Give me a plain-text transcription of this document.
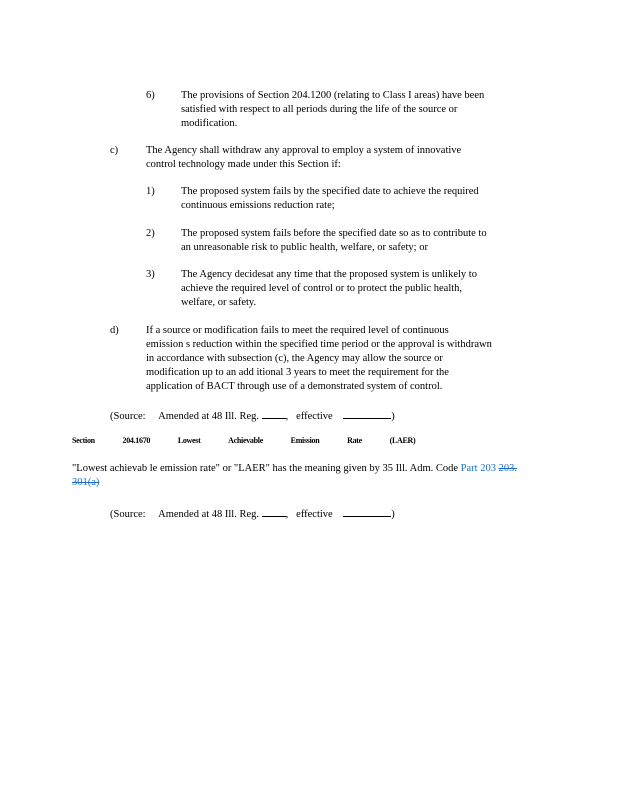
6)	The provisions of Section 204.1200 (relating to Class I areas) have been
satisfied with respect to all periods during the life of the source or
modification.
c)	The Agency shall withdraw any approval to employ a system of innovative
control technology made under this Section if:
1)	The proposed system fails by the specified date to achieve the required
continuous emissions reduction rate;
2)	The proposed system fails before the specified date so as to contribute to
an unreasonable risk to public health, welfare, or safety; or
3)	The Agency decidesat any time that the proposed system is unlikely to
achieve the required level of control or to protect the public health,
welfare, or safety.
d)	If a source or modification fails to meet the required level of continuous
emission s reduction within the specified time period or the approval is withdrawn
in accordance with subsection (c), the Agency may allow the source or
modification up to an add itional 3 years to meet the requirement for the
application of BACT through use of a demonstrated system of control.
(Source: Amended at 48 Ill. Reg.	, effective	)
Section	204.1670	Lowest	Achievable	Emission	Rate	(LAER)
"Lowest achievab le emission rate" or "LAER" has the meaning given by 35 Ill. Adm. Code Part 203 203. 301(a)
(Source: Amended at 48 Ill. Reg.	, effective	)
